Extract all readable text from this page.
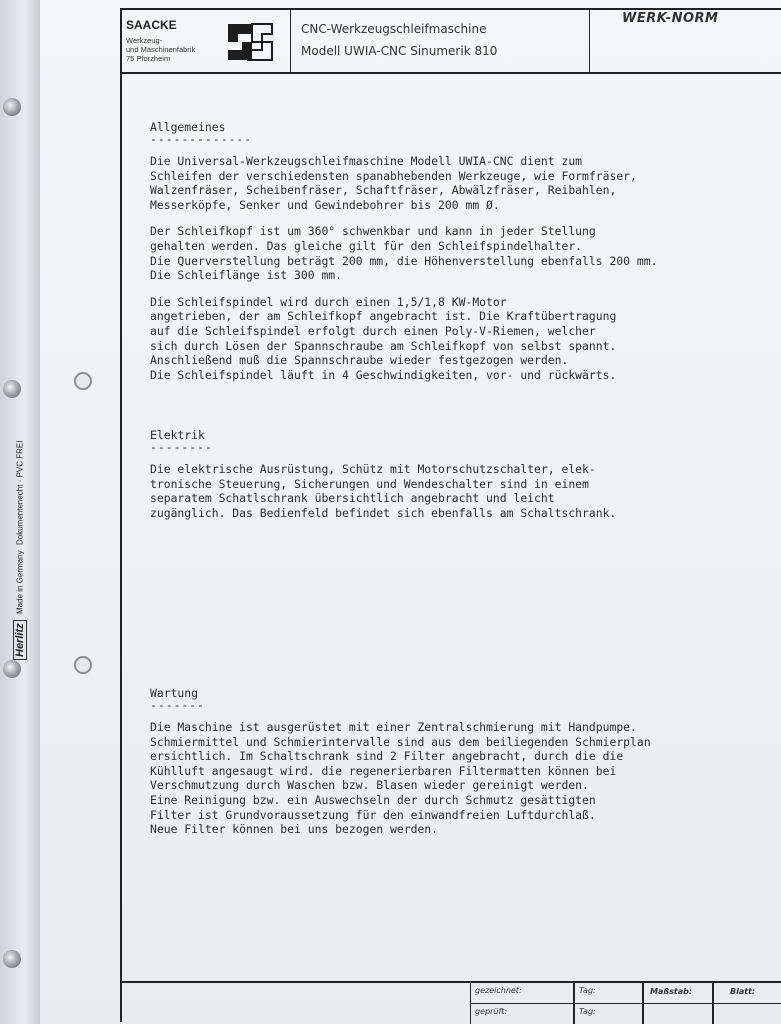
Herlitz
Made in Germany
Dokumentenecht · PVC FREI
SAACKE
Werkzeug-
und Maschinenfabrik
75 Pforzheim
CNC-Werkzeugschleifmaschine
Modell UWIA-CNC Sinumerik 810
WERK-NORM
Allgemeines
-------------
Die Universal-Werkzeugschleifmaschine Modell UWIA-CNC dient zum
Schleifen der verschiedensten spanabhebenden Werkzeuge, wie Formfräser,
Walzenfräser, Scheibenfräser, Schaftfräser, Abwälzfräser, Reibahlen,
Messerköpfe, Senker und Gewindebohrer bis 200 mm Ø.
Der Schleifkopf ist um 360° schwenkbar und kann in jeder Stellung
gehalten werden. Das gleiche gilt für den Schleifspindelhalter.
Die Querverstellung beträgt 200 mm, die Höhenverstellung ebenfalls 200 mm.
Die Schleiflänge ist 300 mm.
Die Schleifspindel wird durch einen 1,5/1,8 KW-Motor
angetrieben, der am Schleifkopf angebracht ist. Die Kraftübertragung
auf die Schleifspindel erfolgt durch einen Poly-V-Riemen, welcher
sich durch Lösen der Spannschraube am Schleifkopf von selbst spannt.
Anschließend muß die Spannschraube wieder festgezogen werden.
Die Schleifspindel läuft in 4 Geschwindigkeiten, vor- und rückwärts.
Elektrik
--------
Die elektrische Ausrüstung, Schütz mit Motorschutzschalter, elek-
tronische Steuerung, Sicherungen und Wendeschalter sind in einem
separatem Schatlschrank übersichtlich angebracht und leicht
zugänglich. Das Bedienfeld befindet sich ebenfalls am Schaltschrank.
Wartung
-------
Die Maschine ist ausgerüstet mit einer Zentralschmierung mit Handpumpe.
Schmiermittel und Schmierintervalle sind aus dem beiliegenden Schmierplan
ersichtlich. Im Schaltschrank sind 2 Filter angebracht, durch die die
Kühlluft angesaugt wird. die regenerierbaren Filtermatten können bei
Verschmutzung durch Waschen bzw. Blasen wieder gereinigt werden.
Eine Reinigung bzw. ein Auswechseln der durch Schmutz gesättigten
Filter ist Grundvoraussetzung für den einwandfreien Luftdurchlaß.
Neue Filter können bei uns bezogen werden.
gezeichnet:	Tag:
geprüft:	Tag:
Maßstab:	Blatt:
